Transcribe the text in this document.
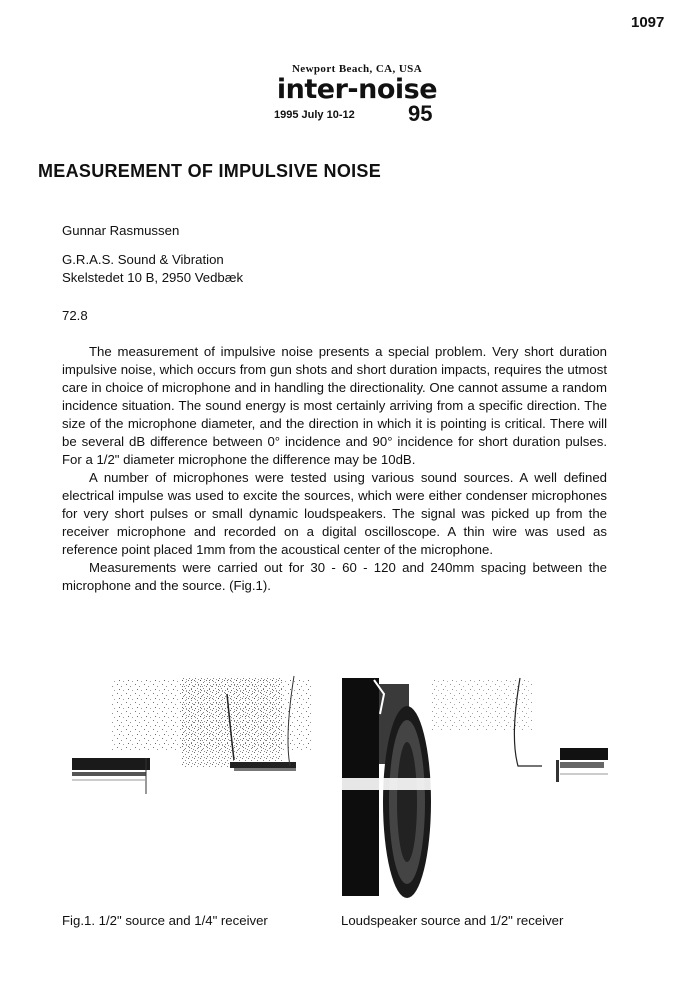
1097
Newport Beach, CA, USA
inter-noise
1995 July 10-12 95
MEASUREMENT OF IMPULSIVE NOISE
Gunnar Rasmussen
G.R.A.S. Sound & Vibration
Skelstedet 10 B, 2950 Vedbæk
72.8

The measurement of impulsive noise presents a special problem. Very short duration impulsive noise, which occurs from gun shots and short duration impacts, requires the utmost care in choice of microphone and in handling the directionality. One cannot assume a random incidence situation. The sound energy is most certainly arriving from a specific direction. The size of the microphone diameter, and the direction in which it is pointing is critical. There will be several dB difference between 0° incidence and 90° incidence for short duration pulses. For a 1/2" diameter microphone the difference may be 10dB.

A number of microphones were tested using various sound sources. A well defined electrical impulse was used to excite the sources, which were either condenser microphones for very short pulses or small dynamic loudspeakers. The signal was picked up from the receiver microphone and recorded on a digital oscilloscope. A thin wire was used as reference point placed 1mm from the acoustical center of the microphone.

Measurements were carried out for 30 - 60 - 120 and 240mm spacing between the microphone and the source. (Fig.1).

Fig.1. 1/2" source and 1/4" receiver	Loudspeaker source and 1/2" receiver
